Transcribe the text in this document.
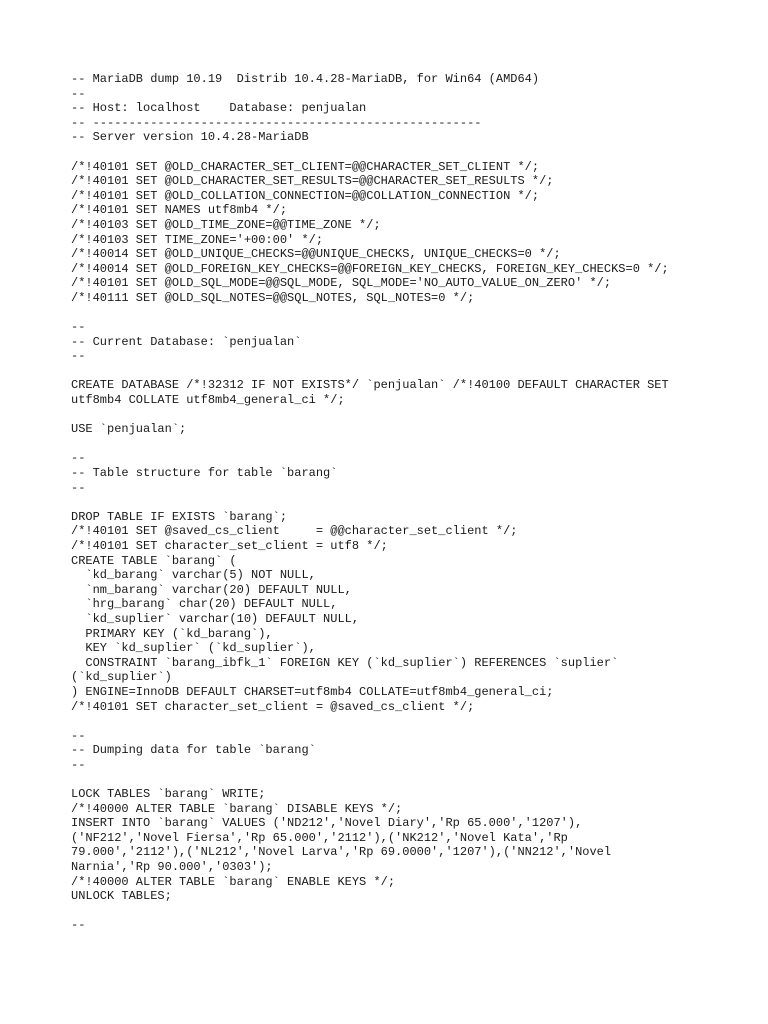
-- MariaDB dump 10.19  Distrib 10.4.28-MariaDB, for Win64 (AMD64)
--
-- Host: localhost    Database: penjualan
-- ------------------------------------------------------
-- Server version 10.4.28-MariaDB
/*!40101 SET @OLD_CHARACTER_SET_CLIENT=@@CHARACTER_SET_CLIENT */;
/*!40101 SET @OLD_CHARACTER_SET_RESULTS=@@CHARACTER_SET_RESULTS */;
/*!40101 SET @OLD_COLLATION_CONNECTION=@@COLLATION_CONNECTION */;
/*!40101 SET NAMES utf8mb4 */;
/*!40103 SET @OLD_TIME_ZONE=@@TIME_ZONE */;
/*!40103 SET TIME_ZONE='+00:00' */;
/*!40014 SET @OLD_UNIQUE_CHECKS=@@UNIQUE_CHECKS, UNIQUE_CHECKS=0 */;
/*!40014 SET @OLD_FOREIGN_KEY_CHECKS=@@FOREIGN_KEY_CHECKS, FOREIGN_KEY_CHECKS=0 */;
/*!40101 SET @OLD_SQL_MODE=@@SQL_MODE, SQL_MODE='NO_AUTO_VALUE_ON_ZERO' */;
/*!40111 SET @OLD_SQL_NOTES=@@SQL_NOTES, SQL_NOTES=0 */;
--
-- Current Database: `penjualan`
--
CREATE DATABASE /*!32312 IF NOT EXISTS*/ `penjualan` /*!40100 DEFAULT CHARACTER SET
utf8mb4 COLLATE utf8mb4_general_ci */;
USE `penjualan`;
--
-- Table structure for table `barang`
--
DROP TABLE IF EXISTS `barang`;
/*!40101 SET @saved_cs_client     = @@character_set_client */;
/*!40101 SET character_set_client = utf8 */;
CREATE TABLE `barang` (
`kd_barang` varchar(5) NOT NULL,
`nm_barang` varchar(20) DEFAULT NULL,
`hrg_barang` char(20) DEFAULT NULL,
`kd_suplier` varchar(10) DEFAULT NULL,
PRIMARY KEY (`kd_barang`),
KEY `kd_suplier` (`kd_suplier`),
CONSTRAINT `barang_ibfk_1` FOREIGN KEY (`kd_suplier`) REFERENCES `suplier`
(`kd_suplier`)
) ENGINE=InnoDB DEFAULT CHARSET=utf8mb4 COLLATE=utf8mb4_general_ci;
/*!40101 SET character_set_client = @saved_cs_client */;
--
-- Dumping data for table `barang`
--
LOCK TABLES `barang` WRITE;
/*!40000 ALTER TABLE `barang` DISABLE KEYS */;
INSERT INTO `barang` VALUES ('ND212','Novel Diary','Rp 65.000','1207'),
('NF212','Novel Fiersa','Rp 65.000','2112'),('NK212','Novel Kata','Rp
79.000','2112'),('NL212','Novel Larva','Rp 69.0000','1207'),('NN212','Novel
Narnia','Rp 90.000','0303');
/*!40000 ALTER TABLE `barang` ENABLE KEYS */;
UNLOCK TABLES;
--
